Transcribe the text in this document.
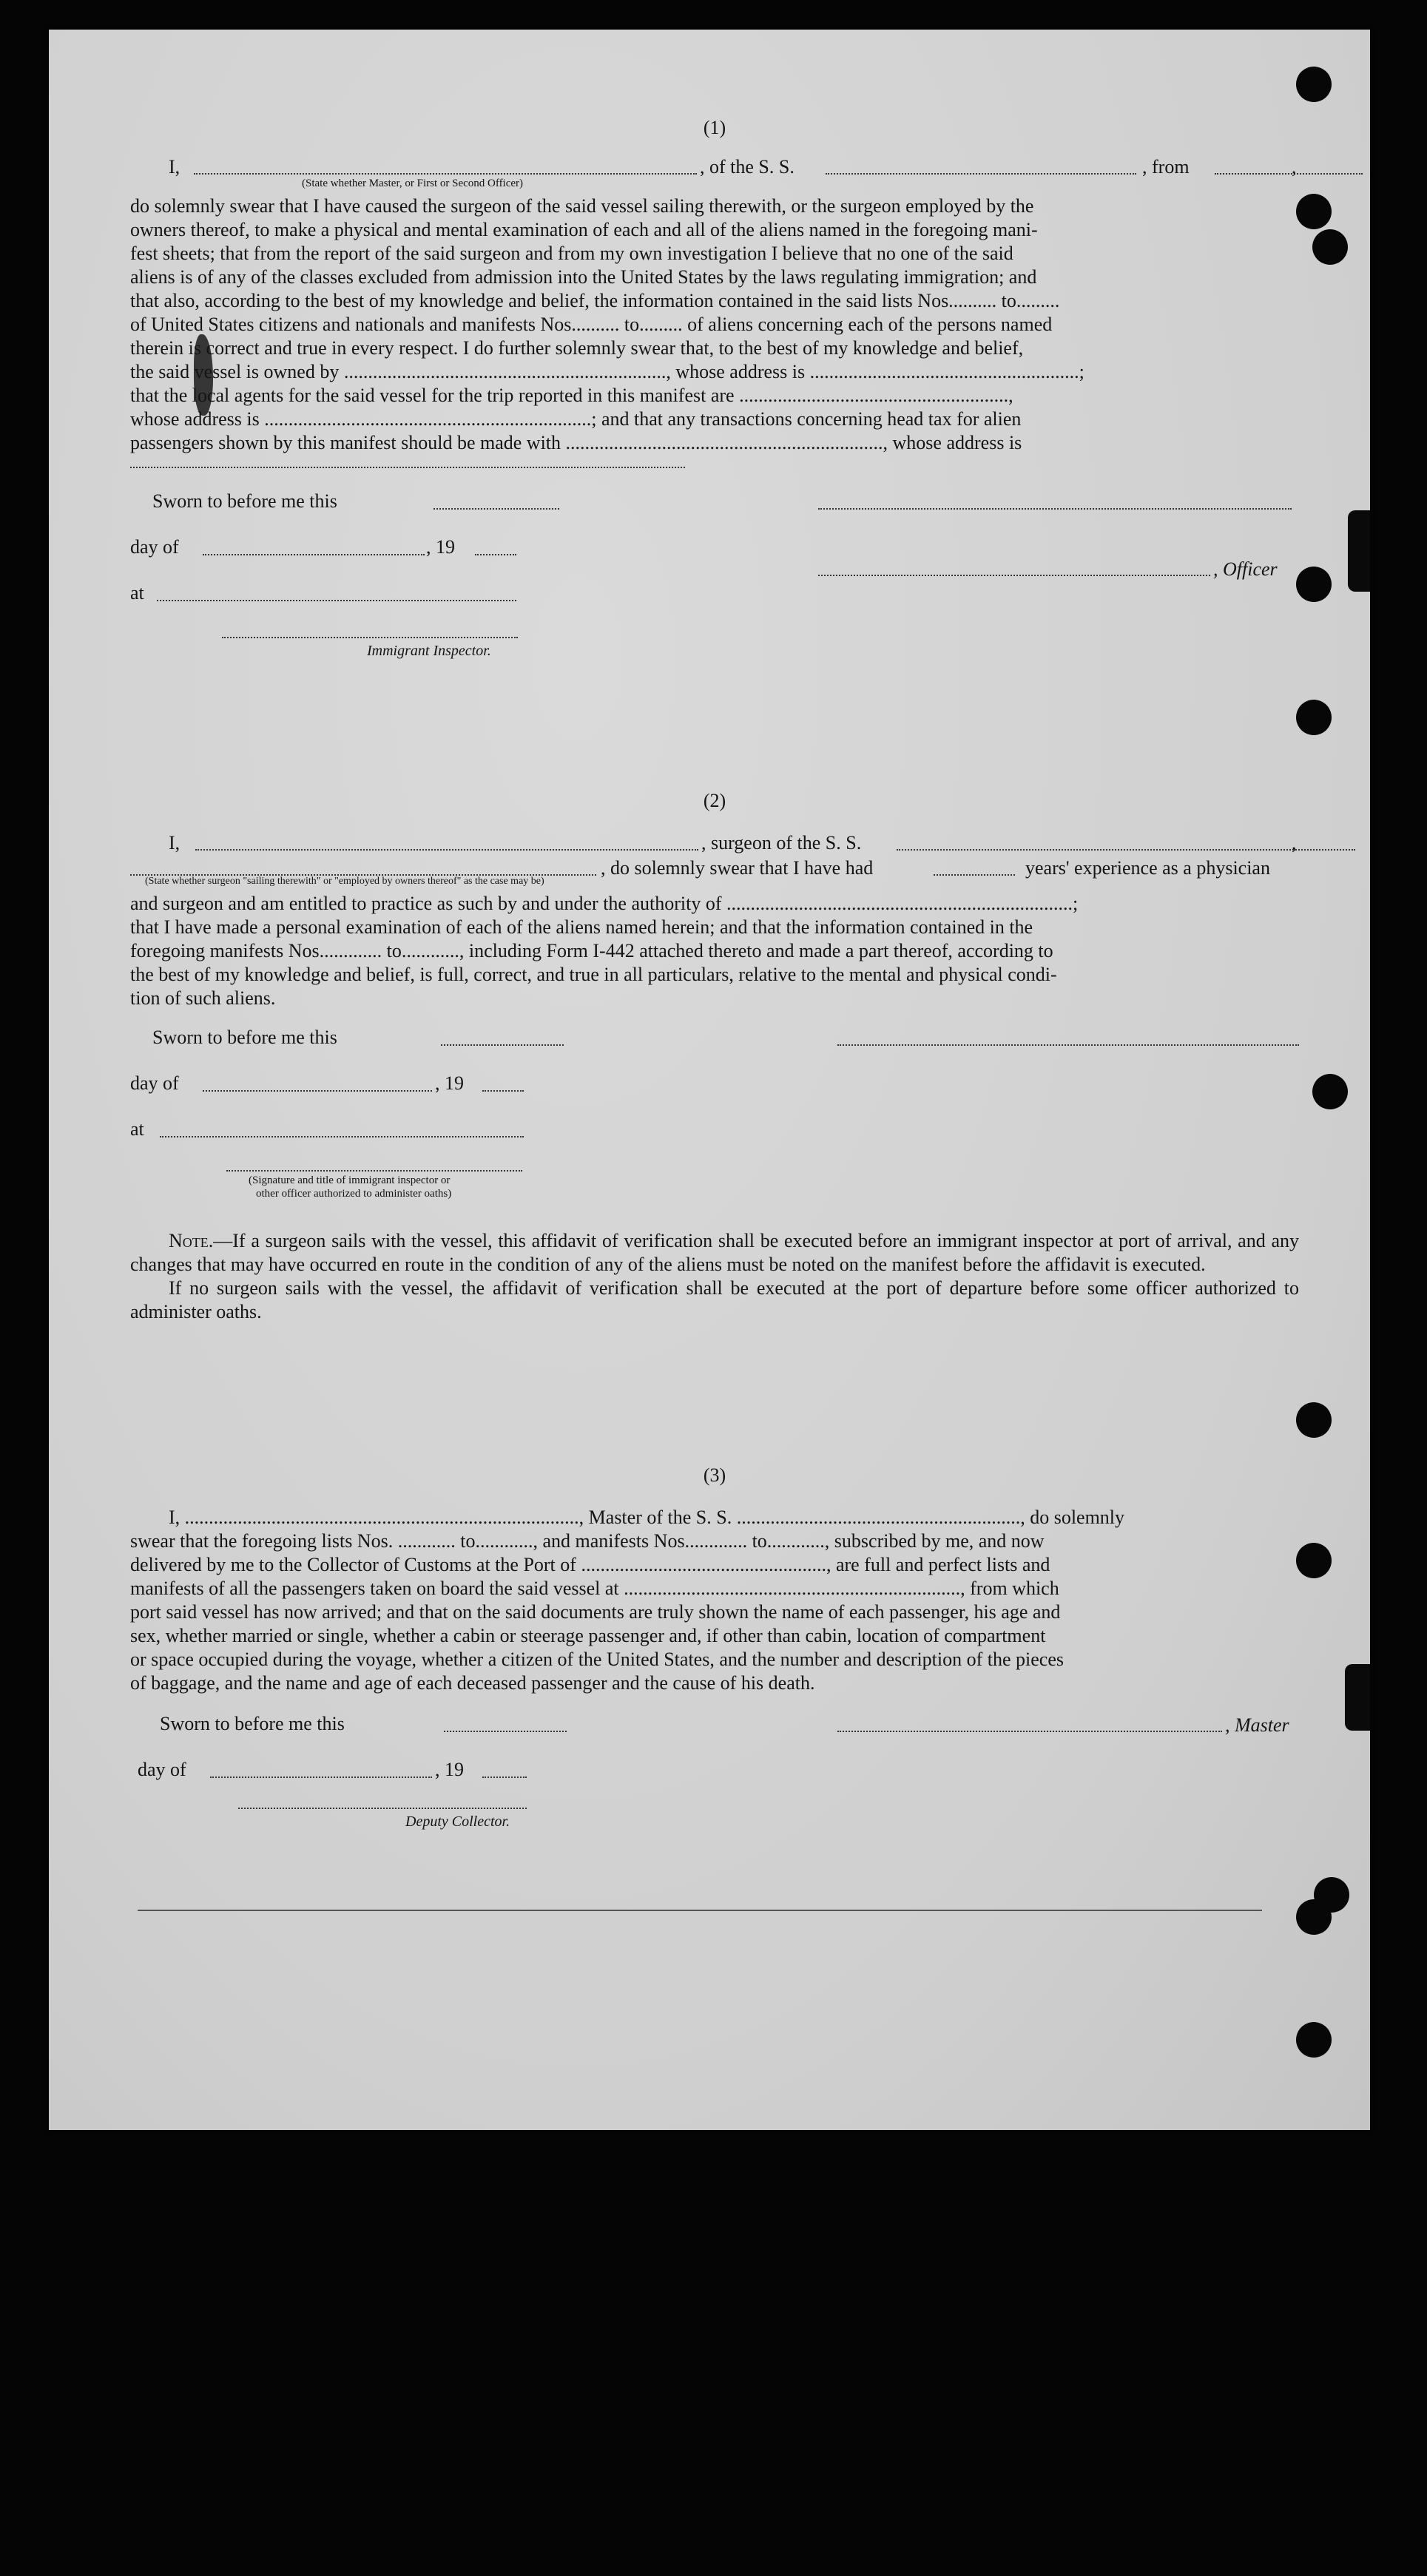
(1)
I,	, of the S. S.	, from	,
(State whether Master, or First or Second Officer)

do solemnly swear that I have caused the surgeon of the said vessel sailing therewith, or the surgeon employed by the

owners thereof, to make a physical and mental examination of each and all of the aliens named in the foregoing mani-

fest sheets; that from the report of the said surgeon and from my own investigation I believe that no one of the said

aliens is of any of the classes excluded from admission into the United States by the laws regulating immigration; and

that also, according to the best of my knowledge and belief, the information contained in the said lists Nos.......... to.........

of United States citizens and nationals and manifests Nos.......... to......... of aliens concerning each of the persons named

therein is correct and true in every respect. I do further solemnly swear that, to the best of my knowledge and belief,

the said vessel is owned by ..................................................................., whose address is ........................................................;

that the local agents for the said vessel for the trip reported in this manifest are ........................................................,

whose address is ....................................................................; and that any transactions concerning head tax for alien

passengers shown by this manifest should be made with .................................................................., whose address is

Sworn to before me this
day of	, 19
, Officer
at
Immigrant Inspector.
(2)
I,	, surgeon of the S. S.	,
, do solemnly swear that I have had	years' experience as a physician
(State whether surgeon "sailing therewith" or "employed by owners thereof" as the case may be)

and surgeon and am entitled to practice as such by and under the authority of ........................................................................;

that I have made a personal examination of each of the aliens named herein; and that the information contained in the

foregoing manifests Nos............. to............, including Form I-442 attached thereto and made a part thereof, according to

the best of my knowledge and belief, is full, correct, and true in all particulars, relative to the mental and physical condi-

tion of such aliens.

Sworn to before me this
day of	, 19
at
(Signature and title of immigrant inspector or
other officer authorized to administer oaths)

Note.—If a surgeon sails with the vessel, this affidavit of verification shall be executed before an immigrant inspector at port of arrival, and any changes that may have occurred en route in the condition of any of the aliens must be noted on the manifest before the affidavit is executed.

If no surgeon sails with the vessel, the affidavit of verification shall be executed at the port of departure before some officer authorized to administer oaths.

(3)

I, .................................................................................., Master of the S. S. ..........................................................., do solemnly

swear that the foregoing lists Nos. ............ to............, and manifests Nos............. to............, subscribed by me, and now

delivered by me to the Collector of Customs at the Port of ..................................................., are full and perfect lists and

manifests of all the passengers taken on board the said vessel at ......................................................................, from which

port said vessel has now arrived; and that on the said documents are truly shown the name of each passenger, his age and

sex, whether married or single, whether a cabin or steerage passenger and, if other than cabin, location of compartment

or space occupied during the voyage, whether a citizen of the United States, and the number and description of the pieces

of baggage, and the name and age of each deceased passenger and the cause of his death.

Sworn to before me this	, Master
day of	, 19
Deputy Collector.
